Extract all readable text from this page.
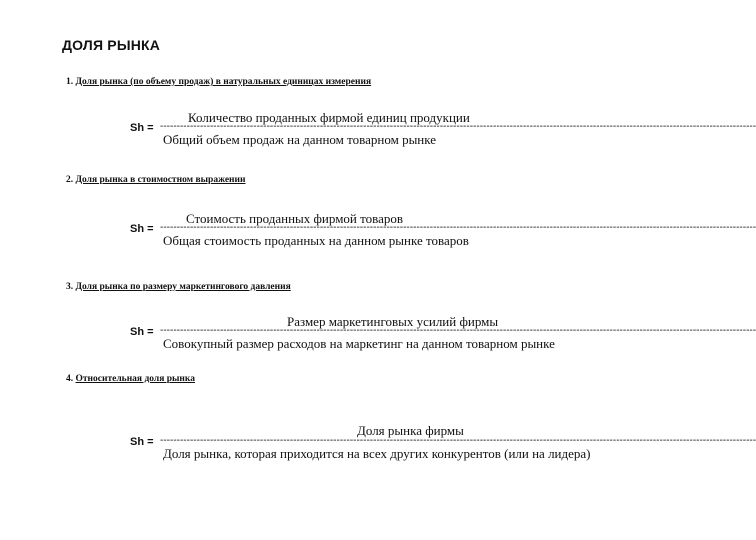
ДОЛЯ РЫНКА
1. Доля рынка (по объему продаж) в натуральных единицах измерения
Количество проданных фирмой единиц продукции
Sh = -----------------------------------------------------------------------------------------------------------------------------------------------------------------------------------
Общий объем продаж на данном товарном рынке
2. Доля рынка в стоимостном выражении
Стоимость проданных фирмой товаров
Sh = -----------------------------------------------------------------------------------------------------------------------------------------------------------------------------------
Общая стоимость проданных на данном рынке товаров
3. Доля рынка по размеру маркетингового давления
Размер маркетинговых усилий фирмы
Sh = -----------------------------------------------------------------------------------------------------------------------------------------------------------------------------------
Совокупный размер расходов на маркетинг на данном товарном рынке
4. Относительная доля рынка
Доля рынка фирмы
Sh = -----------------------------------------------------------------------------------------------------------------------------------------------------------------------------------
Доля рынка, которая приходится на всех других конкурентов (или на лидера)
